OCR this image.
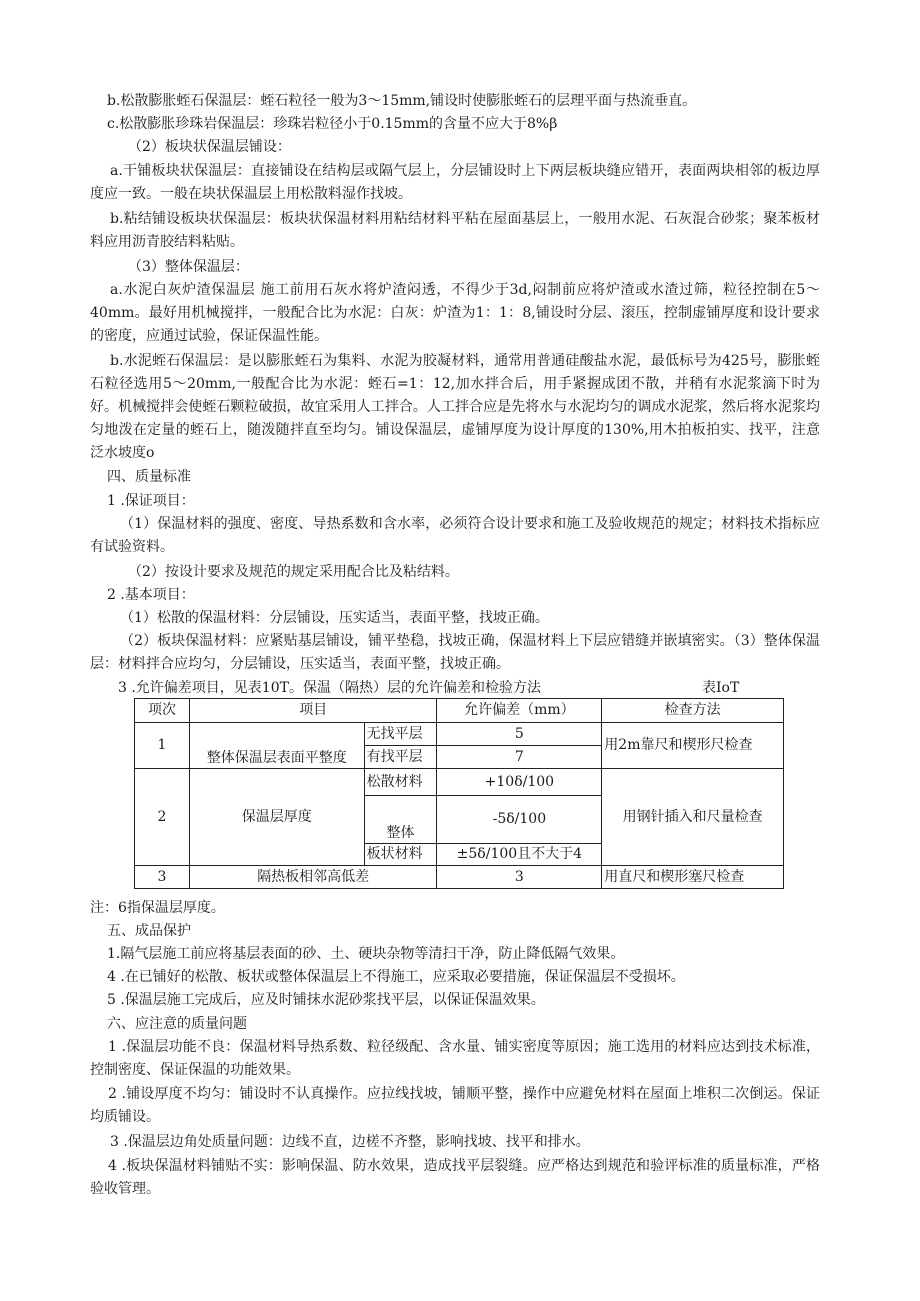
b.松散膨胀蛭石保温层：蛭石粒径一般为3～15mm,铺设时使膨胀蛭石的层理平面与热流垂直。

c.松散膨胀珍珠岩保温层：珍珠岩粒径小于0.15mm的含量不应大于8%β

（2）板块状保温层铺设：

a.干铺板块状保温层：直接铺设在结构层或隔气层上，分层铺设时上下两层板块缝应错开，表面两块相邻的板边厚度应一致。一般在块状保温层上用松散料湿作找坡。

b.粘结铺设板块状保温层：板块状保温材料用粘结材料平粘在屋面基层上，一般用水泥、石灰混合砂浆；聚苯板材料应用沥青胶结料粘贴。

（3）整体保温层：

a.水泥白灰炉渣保温层 施工前用石灰水将炉渣闷透，不得少于3d,闷制前应将炉渣或水渣过筛，粒径控制在5～40mm。最好用机械搅拌，一般配合比为水泥：白灰：炉渣为1：1：8,铺设时分层、滚压，控制虚铺厚度和设计要求的密度，应通过试验，保证保温性能。

b.水泥蛭石保温层：是以膨胀蛭石为集料、水泥为胶凝材料，通常用普通硅酸盐水泥，最低标号为425号，膨胀蛭石粒径选用5～20mm,一般配合比为水泥：蛭石=1：12,加水拌合后，用手紧握成团不散，并稍有水泥浆滴下时为好。机械搅拌会使蛭石颗粒破损，故宜采用人工拌合。人工拌合应是先将水与水泥均匀的调成水泥浆，然后将水泥浆均匀地泼在定量的蛭石上，随泼随拌直至均匀。铺设保温层，虚铺厚度为设计厚度的130%,用木拍板拍实、找平，注意泛水坡度o

四、质量标准

1 .保证项目：

（1）保温材料的强度、密度、导热系数和含水率，必须符合设计要求和施工及验收规范的规定；材料技术指标应有试验资料。

（2）按设计要求及规范的规定采用配合比及粘结料。

2 .基本项目：

（1）松散的保温材料：分层铺设，压实适当，表面平整，找坡正确。

（2）板块保温材料：应紧贴基层铺设，铺平垫稳，找坡正确，保温材料上下层应错缝并嵌填密实。（3）整体保温层：材料拌合应均匀，分层铺设，压实适当，表面平整，找坡正确。

3 .允许偏差项目，见表10T。保温（隔热）层的允许偏差和检验方法	表IoT

项次	项目		允许偏差（mm）	检查方法
1	整体保温层表面平整度	无找平层	5	用2m靠尺和楔形尺检查
		有找平层	7	
2	保温层厚度	松散材料	+10δ/100	用钢针插入和尺量检查
		整体	-5δ/100	
		板状材料	±5δ/100且不大于4	
3	隔热板相邻高低差		3	用直尺和楔形塞尺检查

注：6指保温层厚度。

五、成品保护

1.隔气层施工前应将基层表面的砂、土、硬块杂物等清扫干净，防止降低隔气效果。

4 .在已铺好的松散、板状或整体保温层上不得施工，应采取必要措施，保证保温层不受损坏。

5 .保温层施工完成后，应及时铺抹水泥砂浆找平层，以保证保温效果。

六、应注意的质量问题

1 .保温层功能不良：保温材料导热系数、粒径级配、含水量、铺实密度等原因；施工选用的材料应达到技术标准，控制密度、保证保温的功能效果。

2 .铺设厚度不均匀：铺设时不认真操作。应拉线找坡，铺顺平整，操作中应避免材料在屋面上堆积二次倒运。保证均质铺设。

3 .保温层边角处质量问题：边线不直，边槎不齐整，影响找坡、找平和排水。

4 .板块保温材料铺贴不实：影响保温、防水效果，造成找平层裂缝。应严格达到规范和验评标准的质量标准，严格验收管理。
